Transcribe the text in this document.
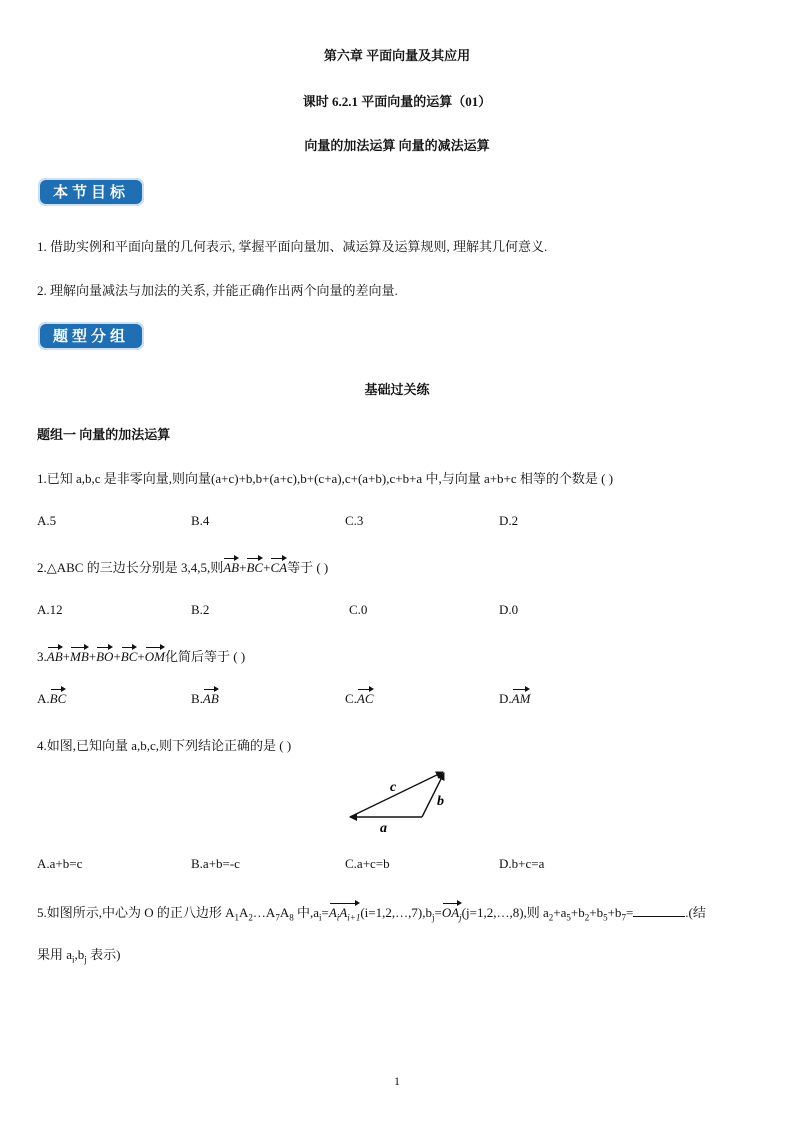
第六章 平面向量及其应用
课时 6.2.1 平面向量的运算（01）
向量的加法运算 向量的减法运算
本节目标
1. 借助实例和平面向量的几何表示, 掌握平面向量加、减运算及运算规则, 理解其几何意义.
2. 理解向量减法与加法的关系, 并能正确作出两个向量的差向量.
题型分组
基础过关练
题组一 向量的加法运算
1.已知 a,b,c 是非零向量,则向量(a+c)+b,b+(a+c),b+(c+a),c+(a+b),c+b+a 中,与向量 a+b+c 相等的个数是 ( )
A.5	B.4	C.3	D.2
2.△ABC 的三边长分别是 3,4,5,则AB+BC+CA等于 ( )
A.12	B.2	C.0	D.0
3.AB+MB+BO+BC+OM化简后等于 ( )
A.BC	B.AB	C.AC	D.AM
4.如图,已知向量 a,b,c,则下列结论正确的是 ( )
a
b
c
A.a+b=c	B.a+b=-c	C.a+c=b	D.b+c=a
5.如图所示,中心为 O 的正八边形 $A_1A_2\dots A_7A_8$ 中$,a_i=A_iA_{i+1}(i=1,2,\dots,7),b_j=OA_j(j=1,2,\dots,8)$,则 $a_2+a_5+b_2+b_5+b_7=$	.(结
果用 $a_i,b_j$ 表示)
1
